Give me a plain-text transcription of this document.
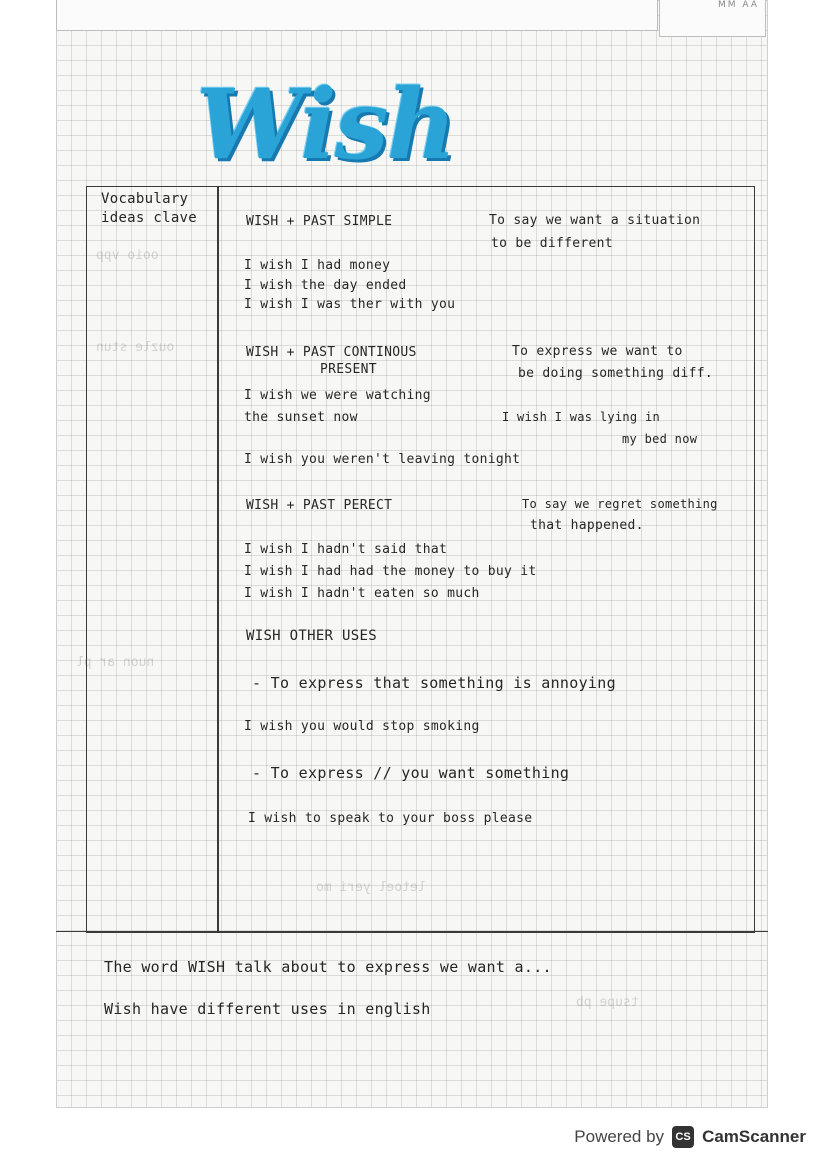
MM AA
Wish
ooio vpp
ouzle stun
nuon ar pl
letoel yeri mo
tsupe pb
Vocabulary
ideas clave	WISH + PAST SIMPLE	To say we want a situation
to be different
I wish I had money
I wish the day ended
I wish I was ther with you
WISH + PAST CONTINOUS
PRESENT
To express we want to
be doing something diff.
I wish we were watching
the sunset now	I wish I was lying in
my bed now
I wish you weren't leaving tonight
WISH + PAST PERECT	To say we regret something
that happened.
I wish I hadn't said that
I wish I had had the money to buy it
I wish I hadn't eaten so much
WISH OTHER USES
- To express that something is annoying
I wish you would stop smoking
- To express // you want something
I wish to speak to your boss please
The word WISH talk about to express we want a...
Wish have different uses in english
Powered by	CS CamScanner
